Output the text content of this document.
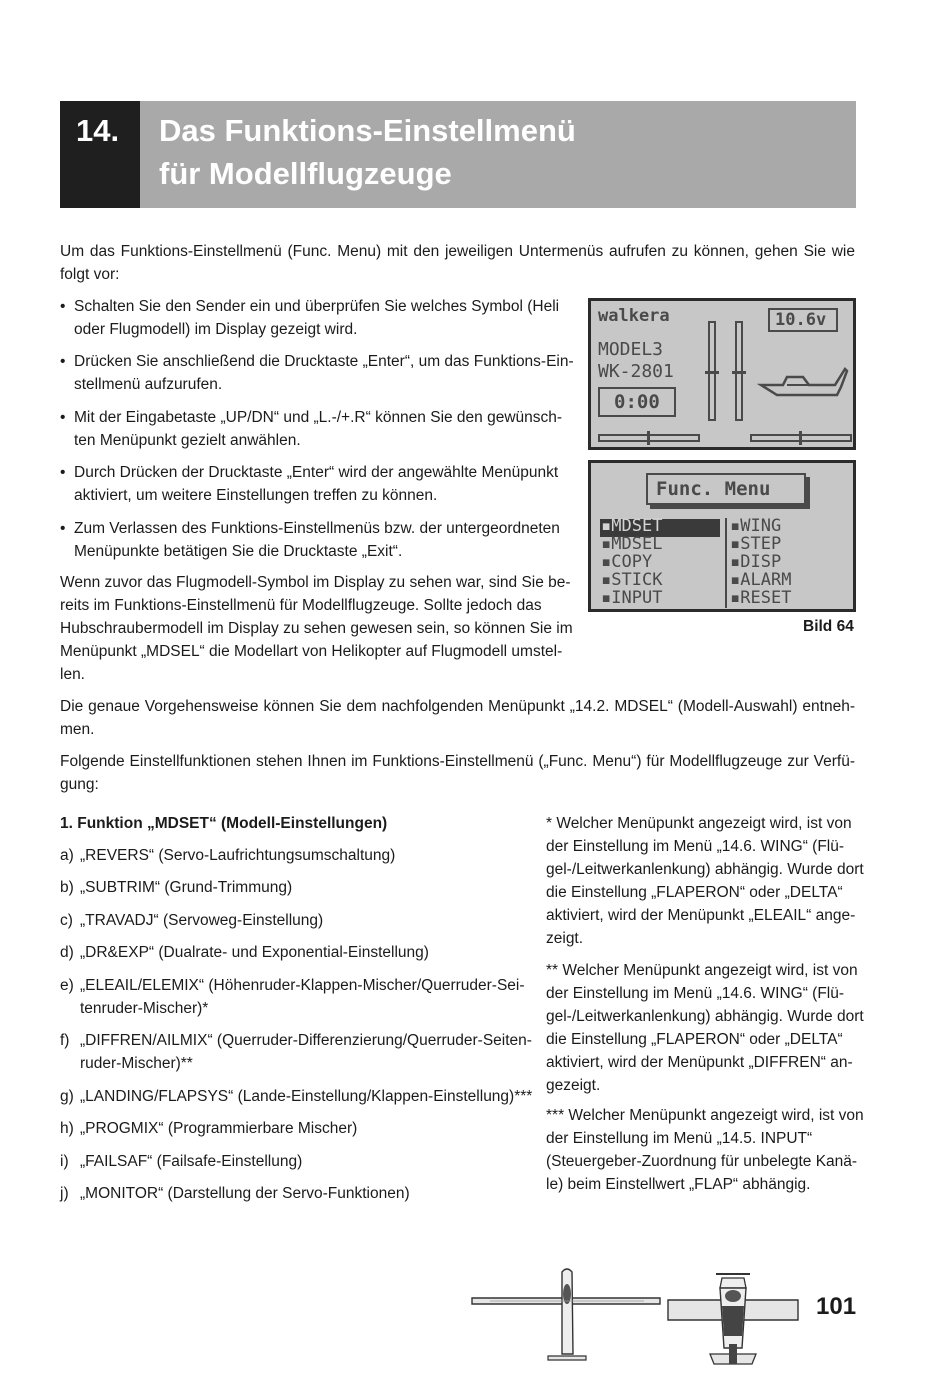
14. Das Funktions-Einstellmenü
für Modellflugzeuge
Um das Funktions-Einstellmenü (Func. Menu) mit den jeweiligen Untermenüs aufrufen zu können, gehen Sie wie
folgt vor:
• Schalten Sie den Sender ein und überprüfen Sie welches Symbol (Heli
oder Flugmodell) im Display gezeigt wird.
• Drücken Sie anschließend die Drucktaste „Enter“, um das Funktions-Ein-
stellmenü aufzurufen.
• Mit der Eingabetaste „UP/DN“ und „L.-/+.R“ können Sie den gewünsch-
ten Menüpunkt gezielt anwählen.
• Durch Drücken der Drucktaste „Enter“ wird der angewählte Menüpunkt
aktiviert, um weitere Einstellungen treffen zu können.
• Zum Verlassen des Funktions-Einstellmenüs bzw. der untergeordneten
Menüpunkte betätigen Sie die Drucktaste „Exit“.
Wenn zuvor das Flugmodell-Symbol im Display zu sehen war, sind Sie be-
reits im Funktions-Einstellmenü für Modellflugzeuge. Sollte jedoch das
Hubschraubermodell im Display zu sehen gewesen sein, so können Sie im
Menüpunkt „MDSEL“ die Modellart von Helikopter auf Flugmodell umstel-
len.
walkera	10.6v
MODEL3
WK-2801
0:00
Func. Menu
▪MDSET
▪MDSEL
▪COPY
▪STICK
▪INPUT
▪WING
▪STEP
▪DISP
▪ALARM
▪RESET
Bild 64
Die genaue Vorgehensweise können Sie dem nachfolgenden Menüpunkt „14.2. MDSEL“ (Modell-Auswahl) entneh-
men.
Folgende Einstellfunktionen stehen Ihnen im Funktions-Einstellmenü („Func. Menu“) für Modellflugzeuge zur Verfü-
gung:
1. Funktion „MDSET“ (Modell-Einstellungen)
a) „REVERS“ (Servo-Laufrichtungsumschaltung)
b) „SUBTRIM“ (Grund-Trimmung)
c) „TRAVADJ“ (Servoweg-Einstellung)
d) „DR&EXP“ (Dualrate- und Exponential-Einstellung)
e) „ELEAIL/ELEMIX“ (Höhenruder-Klappen-Mischer/Querruder-Sei-
tenruder-Mischer)*
f) „DIFFREN/AILMIX“ (Querruder-Differenzierung/Querruder-Seiten-
ruder-Mischer)**
g) „LANDING/FLAPSYS“ (Lande-Einstellung/Klappen-Einstellung)***
h) „PROGMIX“ (Programmierbare Mischer)
i) „FAILSAF“ (Failsafe-Einstellung)
j) „MONITOR“ (Darstellung der Servo-Funktionen)
* Welcher Menüpunkt angezeigt wird, ist von
der Einstellung im Menü „14.6. WING“ (Flü-
gel-/Leitwerkanlenkung) abhängig. Wurde dort
die Einstellung „FLAPERON“ oder „DELTA“
aktiviert, wird der Menüpunkt „ELEAIL“ ange-
zeigt.
** Welcher Menüpunkt angezeigt wird, ist von
der Einstellung im Menü „14.6. WING“ (Flü-
gel-/Leitwerkanlenkung) abhängig. Wurde dort
die Einstellung „FLAPERON“ oder „DELTA“
aktiviert, wird der Menüpunkt „DIFFREN“ an-
gezeigt.
*** Welcher Menüpunkt angezeigt wird, ist von
der Einstellung im Menü „14.5. INPUT“
(Steuergeber-Zuordnung für unbelegte Kanä-
le) beim Einstellwert „FLAP“ abhängig.
101
